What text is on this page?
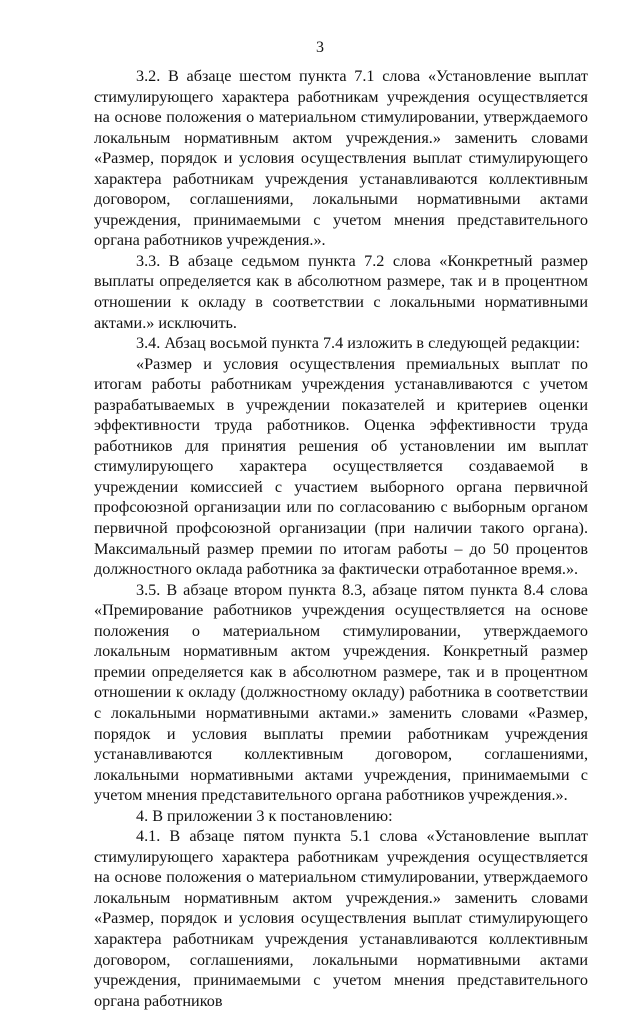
3

3.2. В абзаце шестом пункта 7.1 слова «Установление выплат стимулирующего характера работникам учреждения осуществляется на основе положения о материальном стимулировании, утверждаемого локальным нормативным актом учреждения.» заменить словами «Размер, порядок и условия осуществления выплат стимулирующего характера работникам учреждения устанавливаются коллективным договором, соглашениями, локальными нормативными актами учреждения, принимаемыми с учетом мнения представительного органа работников учреждения.».

3.3. В абзаце седьмом пункта 7.2 слова «Конкретный размер выплаты определяется как в абсолютном размере, так и в процентном отношении к окладу в соответствии с локальными нормативными актами.» исключить.

3.4. Абзац восьмой пункта 7.4 изложить в следующей редакции:

«Размер и условия осуществления премиальных выплат по итогам работы работникам учреждения устанавливаются с учетом разрабатываемых в учреждении показателей и критериев оценки эффективности труда работников. Оценка эффективности труда работников для принятия решения об установлении им выплат стимулирующего характера осуществляется создаваемой в учреждении комиссией с участием выборного органа первичной профсоюзной организации или по согласованию с выборным органом первичной профсоюзной организации (при наличии такого органа). Максимальный размер премии по итогам работы – до 50 процентов должностного оклада работника за фактически отработанное время.».

3.5. В абзаце втором пункта 8.3, абзаце пятом пункта 8.4 слова «Премирование работников учреждения осуществляется на основе положения о материальном стимулировании, утверждаемого локальным нормативным актом учреждения. Конкретный размер премии определяется как в абсолютном размере, так и в процентном отношении к окладу (должностному окладу) работника в соответствии с локальными нормативными актами.» заменить словами «Размер, порядок и условия выплаты премии работникам учреждения устанавливаются коллективным договором, соглашениями, локальными нормативными актами учреждения, принимаемыми с учетом мнения представительного органа работников учреждения.».

4. В приложении 3 к постановлению:

4.1. В абзаце пятом пункта 5.1 слова «Установление выплат стимулирующего характера работникам учреждения осуществляется на основе положения о материальном стимулировании, утверждаемого локальным нормативным актом учреждения.» заменить словами «Размер, порядок и условия осуществления выплат стимулирующего характера работникам учреждения устанавливаются коллективным договором, соглашениями, локальными нормативными актами учреждения, принимаемыми с учетом мнения представительного органа работников
